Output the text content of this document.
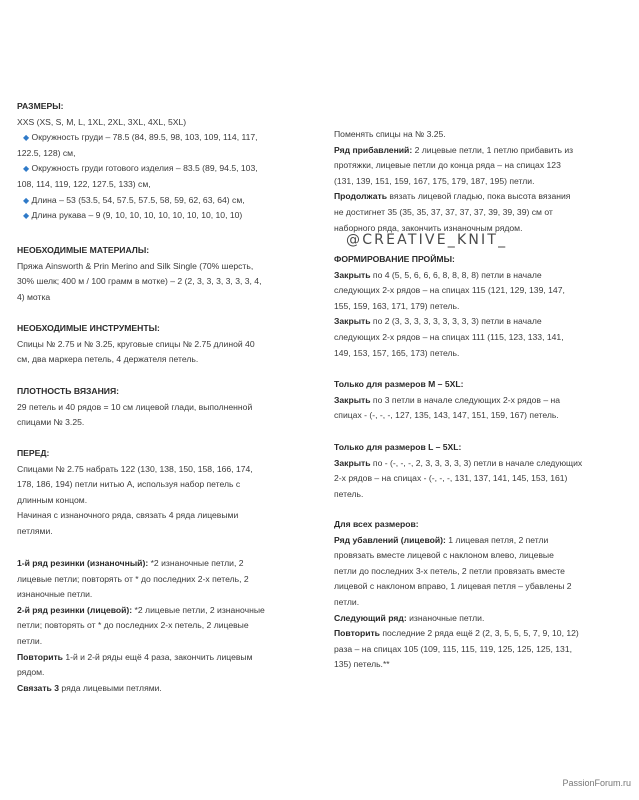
РАЗМЕРЫ:
XXS (XS, S, M, L, 1XL, 2XL, 3XL, 4XL, 5XL)
◆ Окружность груди – 78.5 (84, 89.5, 98, 103, 109, 114, 117,
122.5, 128) см,
◆ Окружность груди готового изделия – 83.5 (89, 94.5, 103,
108, 114, 119, 122, 127.5, 133) см,
◆ Длина – 53 (53.5, 54, 57.5, 57.5, 58, 59, 62, 63, 64) см,
◆ Длина рукава – 9 (9, 10, 10, 10, 10, 10, 10, 10, 10, 10)
НЕОБХОДИМЫЕ МАТЕРИАЛЫ:
Пряжа Ainsworth & Prin Merino and Silk Single (70% шерсть,
30% шелк; 400 м / 100 грамм в мотке) – 2 (2, 3, 3, 3, 3, 3, 3, 4,
4) мотка
НЕОБХОДИМЫЕ ИНСТРУМЕНТЫ:
Спицы № 2.75 и № 3.25, круговые спицы № 2.75 длиной 40
см, два маркера петель, 4 держателя петель.
ПЛОТНОСТЬ ВЯЗАНИЯ:
29 петель и 40 рядов = 10 см лицевой глади, выполненной
спицами № 3.25.
ПЕРЕД:
Спицами № 2.75 набрать 122 (130, 138, 150, 158, 166, 174,
178, 186, 194) петли нитью А, используя набор петель с
длинным концом.
Начиная с изнаночного ряда, связать 4 ряда лицевыми
петлями.
1-й ряд резинки (изнаночный): *2 изнаночные петли, 2
лицевые петли; повторять от * до последних 2-х петель, 2
изнаночные петли.
2-й ряд резинки (лицевой): *2 лицевые петли, 2 изнаночные
петли; повторять от * до последних 2-х петель, 2 лицевые
петли.
Повторить 1-й и 2-й ряды ещё 4 раза, закончить лицевым
рядом.
Связать 3 ряда лицевыми петлями.
Поменять спицы на № 3.25.
Ряд прибавлений: 2 лицевые петли, 1 петлю прибавить из
протяжки, лицевые петли до конца ряда – на спицах 123
(131, 139, 151, 159, 167, 175, 179, 187, 195) петли.
Продолжать вязать лицевой гладью, пока высота вязания
не достигнет 35 (35, 35, 37, 37, 37, 37, 39, 39, 39) см от
наборного ряда, закончить изнаночным рядом.
ФОРМИРОВАНИЕ ПРОЙМЫ:
Закрыть по 4 (5, 5, 6, 6, 6, 8, 8, 8, 8) петли в начале
следующих 2-х рядов – на спицах 115 (121, 129, 139, 147,
155, 159, 163, 171, 179) петель.
Закрыть по 2 (3, 3, 3, 3, 3, 3, 3, 3, 3) петли в начале
следующих 2-х рядов – на спицах 111 (115, 123, 133, 141,
149, 153, 157, 165, 173) петель.
Только для размеров M – 5XL:
Закрыть по 3 петли в начале следующих 2-х рядов – на
спицах - (-, -, -, 127, 135, 143, 147, 151, 159, 167) петель.
Только для размеров L – 5XL:
Закрыть по - (-, -, -, 2, 3, 3, 3, 3, 3) петли в начале следующих
2-х рядов – на спицах - (-, -, -, 131, 137, 141, 145, 153, 161)
петель.
Для всех размеров:
Ряд убавлений (лицевой): 1 лицевая петля, 2 петли
провязать вместе лицевой с наклоном влево, лицевые
петли до последних 3-х петель, 2 петли провязать вместе
лицевой с наклоном вправо, 1 лицевая петля – убавлены 2
петли.
Следующий ряд: изнаночные петли.
Повторить последние 2 ряда ещё 2 (2, 3, 5, 5, 5, 7, 9, 10, 12)
раза – на спицах 105 (109, 115, 115, 119, 125, 125, 125, 131,
135) петель.**
@CREATIVE_KNIT_
PassionForum.ru
